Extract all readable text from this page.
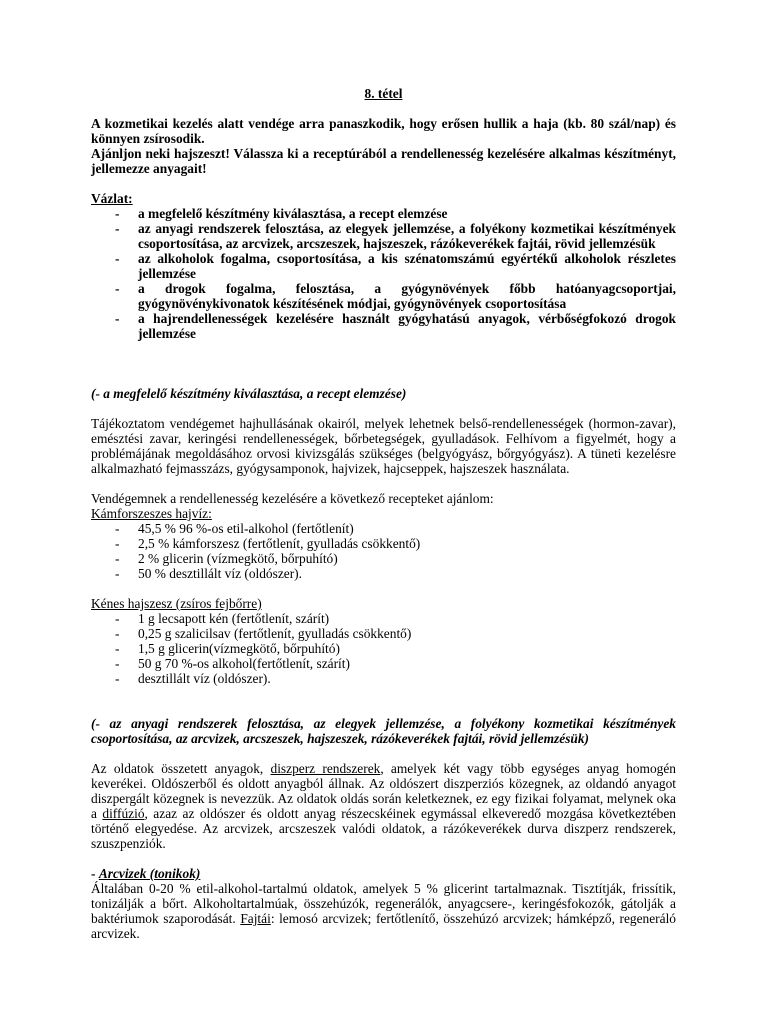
8. tétel

A kozmetikai kezelés alatt vendége arra panaszkodik, hogy erősen hullik a haja (kb. 80 szál/nap) és könnyen zsírosodik.

Ajánljon neki hajszeszt! Válassza ki a receptúrából a rendellenesség kezelésére alkalmas készítményt, jellemezze anyagait!

Vázlat:

- a megfelelő készítmény kiválasztása, a recept elemzése
- az anyagi rendszerek felosztása, az elegyek jellemzése, a folyékony kozmetikai készítmények csoportosítása, az arcvizek, arcszeszek, hajszeszek, rázókeverékek fajtái, rövid jellemzésük
- az alkoholok fogalma, csoportosítása, a kis szénatomszámú egyértékű alkoholok részletes jellemzése
- a drogok fogalma, felosztása, a gyógynövények főbb hatóanyagcsoportjai, gyógynövénykivonatok készítésének módjai, gyógynövények csoportosítása
- a hajrendellenességek kezelésére használt gyógyhatású anyagok, vérbőségfokozó drogok jellemzése

(- a megfelelő készítmény kiválasztása, a recept elemzése)

Tájékoztatom vendégemet hajhullásának okairól, melyek lehetnek belső-rendellenességek (hormon-zavar), emésztési zavar, keringési rendellenességek, bőrbetegségek, gyulladások. Felhívom a figyelmét, hogy a problémájának megoldásához orvosi kivizsgálás szükséges (belgyógyász, bőrgyógyász). A tüneti kezelésre alkalmazható fejmasszázs, gyógysamponok, hajvizek, hajcseppek, hajszeszek használata.

Vendégemnek a rendellenesség kezelésére a következő recepteket ajánlom:

Kámforszeszes hajvíz:

- 45,5 % 96 %-os etil-alkohol (fertőtlenít)
- 2,5 % kámforszesz (fertőtlenít, gyulladás csökkentő)
- 2 % glicerin (vízmegkötő, bőrpuhító)
- 50 % desztillált víz (oldószer).

Kénes hajszesz (zsíros fejbőrre)

- 1 g lecsapott kén (fertőtlenít, szárít)
- 0,25 g szalicilsav (fertőtlenít, gyulladás csökkentő)
- 1,5 g glicerin(vízmegkötő, bőrpuhító)
- 50 g 70 %-os alkohol(fertőtlenít, szárít)
- desztillált víz (oldószer).

(- az anyagi rendszerek felosztása, az elegyek jellemzése, a folyékony kozmetikai készítmények csoportosítása, az arcvizek, arcszeszek, hajszeszek, rázókeverékek fajtái, rövid jellemzésük)

Az oldatok összetett anyagok, diszperz rendszerek, amelyek két vagy több egységes anyag homogén keverékei. Oldószerből és oldott anyagból állnak. Az oldószert diszperziós közegnek, az oldandó anyagot diszpergált közegnek is nevezzük. Az oldatok oldás során keletkeznek, ez egy fizikai folyamat, melynek oka a diffúzió, azaz az oldószer és oldott anyag részecskéinek egymással elkeveredő mozgása következtében történő elegyedése. Az arcvizek, arcszeszek valódi oldatok, a rázókeverékek durva diszperz rendszerek, szuszpenziók.

- Arcvizek (tonikok)

Általában 0-20 % etil-alkohol-tartalmú oldatok, amelyek 5 % glicerint tartalmaznak. Tisztítják, frissítik, tonizálják a bőrt. Alkoholtartalmúak, összehúzók, regenerálók, anyagcsere-, keringésfokozók, gátolják a baktériumok szaporodását. Fajtái: lemosó arcvizek; fertőtlenítő, összehúzó arcvizek; hámképző, regeneráló arcvizek.
